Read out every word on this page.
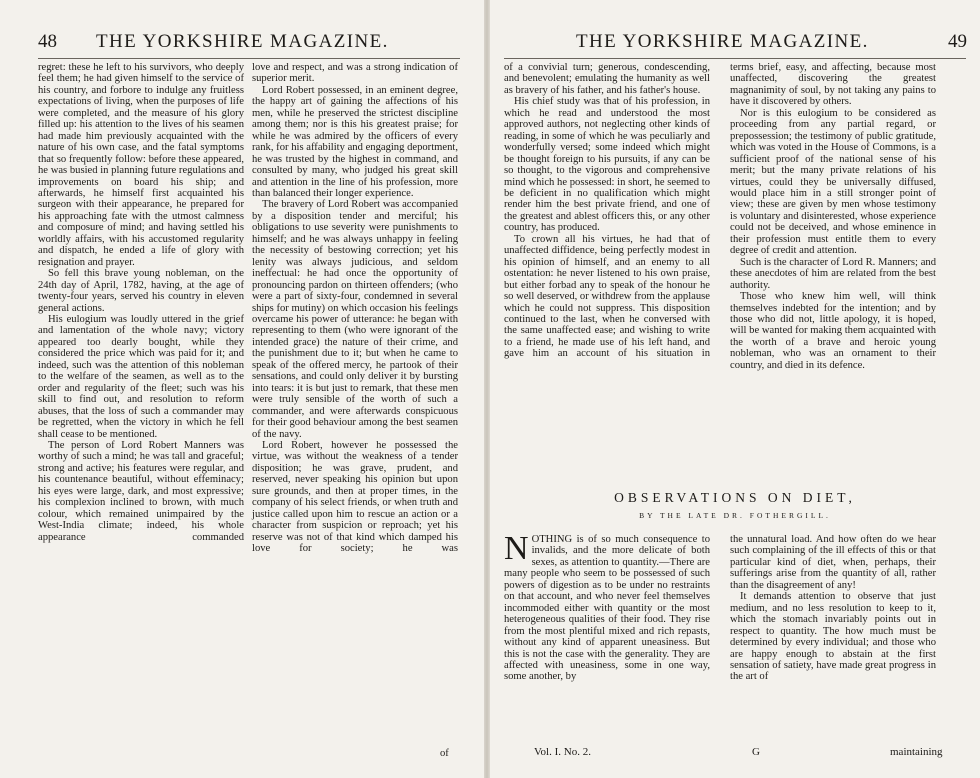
48 THE YORKSHIRE MAGAZINE.

regret: these he left to his survivors, who deeply feel them; he had given himself to the service of his country, and forbore to indulge any fruitless expectations of living, when the purposes of life were completed, and the measure of his glory filled up: his attention to the lives of his seamen had made him previously acquainted with the nature of his own case, and the fatal symptoms that so frequently follow: before these appeared, he was busied in planning future regulations and improvements on board his ship; and afterwards, he himself first acquainted his surgeon with their appearance, he prepared for his approaching fate with the utmost calmness and composure of mind; and having settled his worldly affairs, with his accustomed regularity and dispatch, he ended a life of glory with resignation and prayer.

So fell this brave young nobleman, on the 24th day of April, 1782, having, at the age of twenty-four years, served his country in eleven general actions.

His eulogium was loudly uttered in the grief and lamentation of the whole navy; victory appeared too dearly bought, while they considered the price which was paid for it; and indeed, such was the attention of this nobleman to the welfare of the seamen, as well as to the order and regularity of the fleet; such was his skill to find out, and resolution to reform abuses, that the loss of such a commander may be regretted, when the victory in which he fell shall cease to be mentioned.

The person of Lord Robert Manners was worthy of such a mind; he was tall and graceful; strong and active; his features were regular, and his countenance beautiful, without effeminacy; his eyes were large, dark, and most expressive; his complexion inclined to brown, with much colour, which remained unimpaired by the West-India climate; indeed, his whole appearance commanded

love and respect, and was a strong indication of superior merit.

Lord Robert possessed, in an eminent degree, the happy art of gaining the affections of his men, while he preserved the strictest discipline among them; nor is this his greatest praise; for while he was admired by the officers of every rank, for his affability and engaging deportment, he was trusted by the highest in command, and consulted by many, who judged his great skill and attention in the line of his profession, more than balanced their longer experience.

The bravery of Lord Robert was accompanied by a disposition tender and merciful; his obligations to use severity were punishments to himself; and he was always unhappy in feeling the necessity of bestowing correction; yet his lenity was always judicious, and seldom ineffectual: he had once the opportunity of pronouncing pardon on thirteen offenders; (who were a part of sixty-four, condemned in several ships for mutiny) on which occasion his feelings overcame his power of utterance: he began with representing to them (who were ignorant of the intended grace) the nature of their crime, and the punishment due to it; but when he came to speak of the offered mercy, he partook of their sensations, and could only deliver it by bursting into tears: it is but just to remark, that these men were truly sensible of the worth of such a commander, and were afterwards conspicuous for their good behaviour among the best seamen of the navy.

Lord Robert, however he possessed the virtue, was without the weakness of a tender disposition; he was grave, prudent, and reserved, never speaking his opinion but upon sure grounds, and then at proper times, in the company of his select friends, or when truth and justice called upon him to rescue an action or a character from suspicion or reproach; yet his reserve was not of that kind which damped his love for society; he was

of
THE YORKSHIRE MAGAZINE.	49

of a convivial turn; generous, condescending, and benevolent; emulating the humanity as well as bravery of his father, and his father's house.

His chief study was that of his profession, in which he read and understood the most approved authors, not neglecting other kinds of reading, in some of which he was peculiarly and wonderfully versed; some indeed which might be thought foreign to his pursuits, if any can be so thought, to the vigorous and comprehensive mind which he possessed: in short, he seemed to be deficient in no qualification which might render him the best private friend, and one of the greatest and ablest officers this, or any other country, has produced.

To crown all his virtues, he had that of unaffected diffidence, being perfectly modest in his opinion of himself, and an enemy to all ostentation: he never listened to his own praise, but either forbad any to speak of the honour he so well deserved, or withdrew from the applause which he could not suppress. This disposition continued to the last, when he conversed with the same unaffected ease; and wishing to write to a friend, he made use of his left hand, and gave him an account of his situation in

terms brief, easy, and affecting, because most unaffected, discovering the greatest magnanimity of soul, by not taking any pains to have it discovered by others.

Nor is this eulogium to be considered as proceeding from any partial regard, or prepossession; the testimony of public gratitude, which was voted in the House of Commons, is a sufficient proof of the national sense of his merit; but the many private relations of his virtues, could they be universally diffused, would place him in a still stronger point of view; these are given by men whose testimony is voluntary and disinterested, whose experience could not be deceived, and whose eminence in their profession must entitle them to every degree of credit and attention.

Such is the character of Lord R. Manners; and these anecdotes of him are related from the best authority.

Those who knew him well, will think themselves indebted for the intention; and by those who did not, little apology, it is hoped, will be wanted for making them acquainted with the worth of a brave and heroic young nobleman, who was an ornament to their country, and died in its defence.

OBSERVATIONS ON DIET,
BY THE LATE DR. FOTHERGILL.

NOTHING is of so much consequence to invalids, and the more delicate of both sexes, as attention to quantity.—There are many people who seem to be possessed of such powers of digestion as to be under no restraints on that account, and who never feel themselves incommoded either with quantity or the most heterogeneous qualities of their food. They rise from the most plentiful mixed and rich repasts, without any kind of apparent uneasiness. But this is not the case with the generality. They are affected with uneasiness, some in one way, some another, by

the unnatural load. And how often do we hear such complaining of the ill effects of this or that particular kind of diet, when, perhaps, their sufferings arise from the quantity of all, rather than the disagreement of any!

It demands attention to observe that just medium, and no less resolution to keep to it, which the stomach invariably points out in respect to quantity. The how much must be determined by every individual; and those who are happy enough to abstain at the first sensation of satiety, have made great progress in the art of

Vol. I. No. 2.	G	maintaining
